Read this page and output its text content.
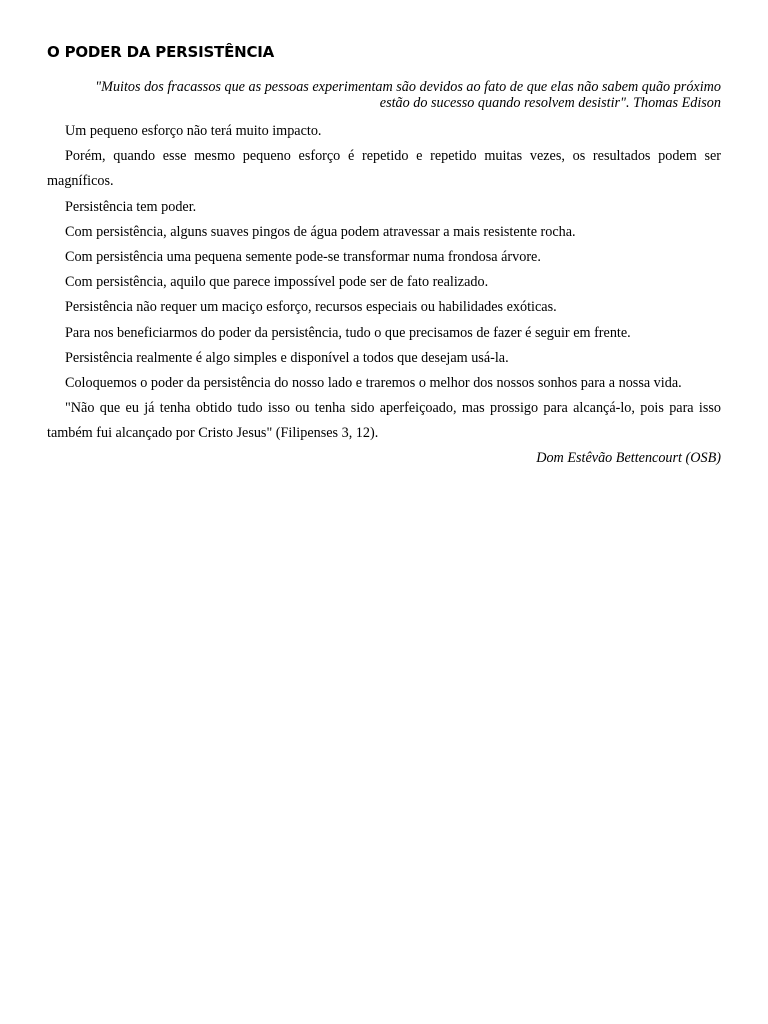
O PODER DA PERSISTÊNCIA

"Muitos dos fracassos que as pessoas experimentam são devidos ao fato de que elas não sabem quão próximo estão do sucesso quando resolvem desistir". Thomas Edison

Um pequeno esforço não terá muito impacto.

Porém, quando esse mesmo pequeno esforço é repetido e repetido muitas vezes, os resultados podem ser magníficos.

Persistência tem poder.

Com persistência, alguns suaves pingos de água podem atravessar a mais resistente rocha.

Com persistência uma pequena semente pode-se transformar numa frondosa árvore.

Com persistência, aquilo que parece impossível pode ser de fato realizado.

Persistência não requer um maciço esforço, recursos especiais ou habilidades exóticas.

Para nos beneficiarmos do poder da persistência, tudo o que precisamos de fazer é seguir em frente.

Persistência realmente é algo simples e disponível a todos que desejam usá-la.

Coloquemos o poder da persistência do nosso lado e traremos o melhor dos nossos sonhos para a nossa vida.

"Não que eu já tenha obtido tudo isso ou tenha sido aperfeiçoado, mas prossigo para alcançá-lo, pois para isso também fui alcançado por Cristo Jesus" (Filipenses 3, 12).

Dom Estêvão Bettencourt (OSB)
